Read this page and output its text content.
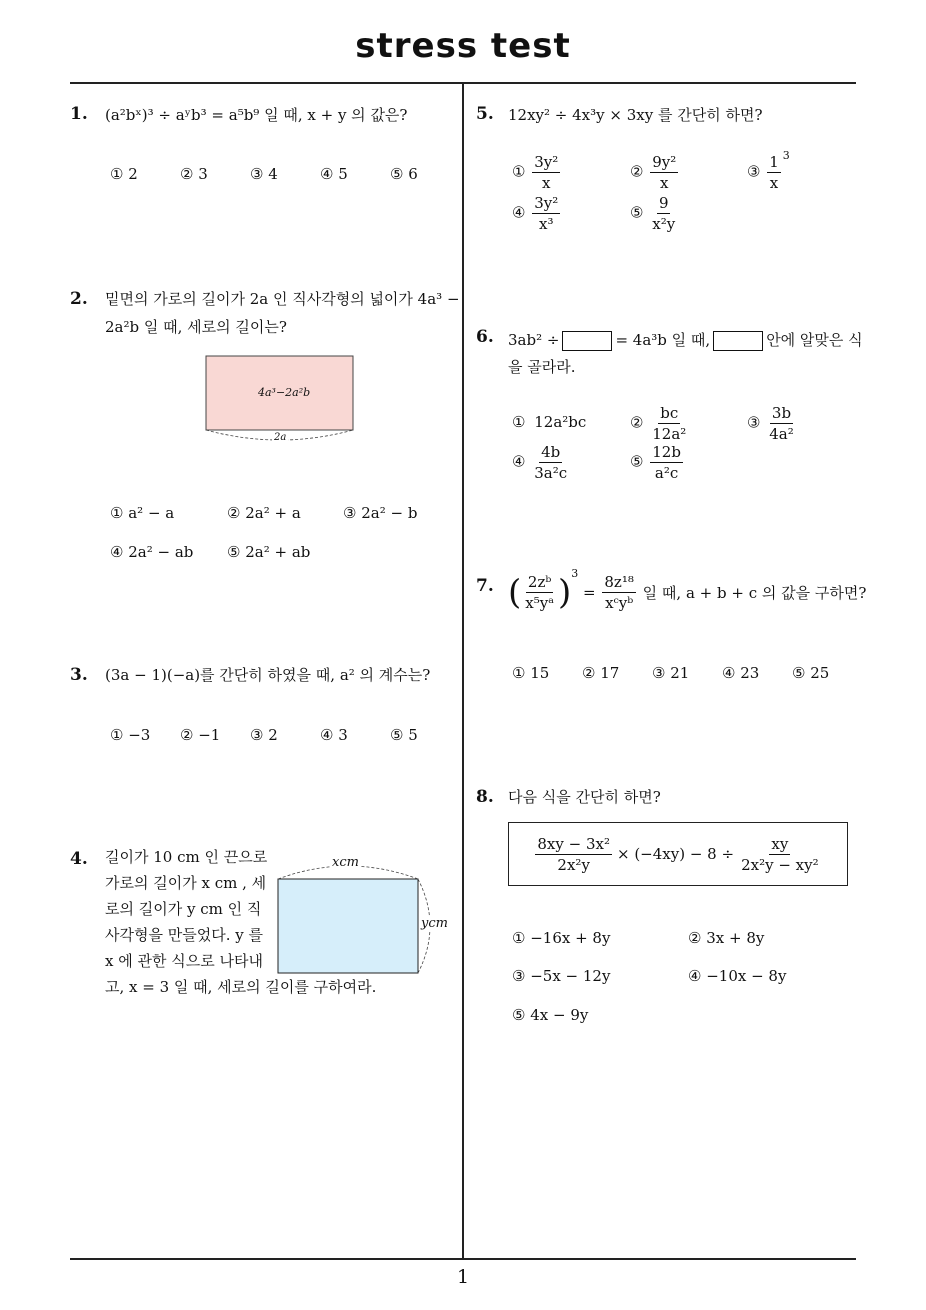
stress test
1
1. (a²bˣ)³ ÷ aʸb³ = a⁵b⁹ 일 때, x + y 의 값은?
① 2	② 3	③ 4	④ 5	⑤ 6
2. 밑면의 가로의 길이가 2a 인 직사각형의 넓이가 4a³ −
2a²b 일 때, 세로의 길이는?
4a³−2a²b
2a
① a² − a	② 2a² + a	③ 2a² − b
④ 2a² − ab ⑤ 2a² + ab
3. (3a − 1)(−a)를 간단히 하였을 때, a² 의 계수는?
① −3 ② −1 ③ 2	④ 3	⑤ 5
4. 길이가 10 cm 인 끈으로
가로의 길이가 x cm , 세
로의 길이가 y cm 인 직
사각형을 만들었다. y 를
x 에 관한 식으로 나타내
고, x = 3 일 때, 세로의 길이를 구하여라.
xcm
ycm
5. 12xy² ÷ 4x³y × 3xy 를 간단히 하면?
① $\frac{\text{3y²}}{x}$	② $\frac{\text{9y²}}{x}$	③ $\frac{1}{x} ^3$
④ $\frac{\text{3y²}}{\text{x³}}$	⑤ $\frac{9}{\text{x²y}}$
6. 3ab² ÷	= 4a³b 일 때,	안에 알맞은 식
을 골라라.
① 12a²bc	② $\frac{bc}{\text{12a²}}$	③ $\frac{3b}{\text{4a²}}$
④ $\frac{4b}{\text{3a²c}}$	⑤ $\frac{12b}{\text{a²c}}$
7. ( $\frac{\text{2zᵇ}}{\text{x⁵yᵃ}} )^3 = \frac{\text{8z¹⁸}}{\text{xᶜyᵇ}}$ 일 때, a + b + c 의 값을 구하면?
① 15 ② 17 ③ 21 ④ 23 ⑤ 25
8. 다음 식을 간단히 하면?
$\frac{\text{8xy − 3x²}}{\text{2x²y}} \times (-4xy) - 8 \div \frac{xy}{\text{2x²y − xy²}}$
① −16x + 8y	② 3x + 8y
③ −5x − 12y	④ −10x − 8y
⑤ 4x − 9y
